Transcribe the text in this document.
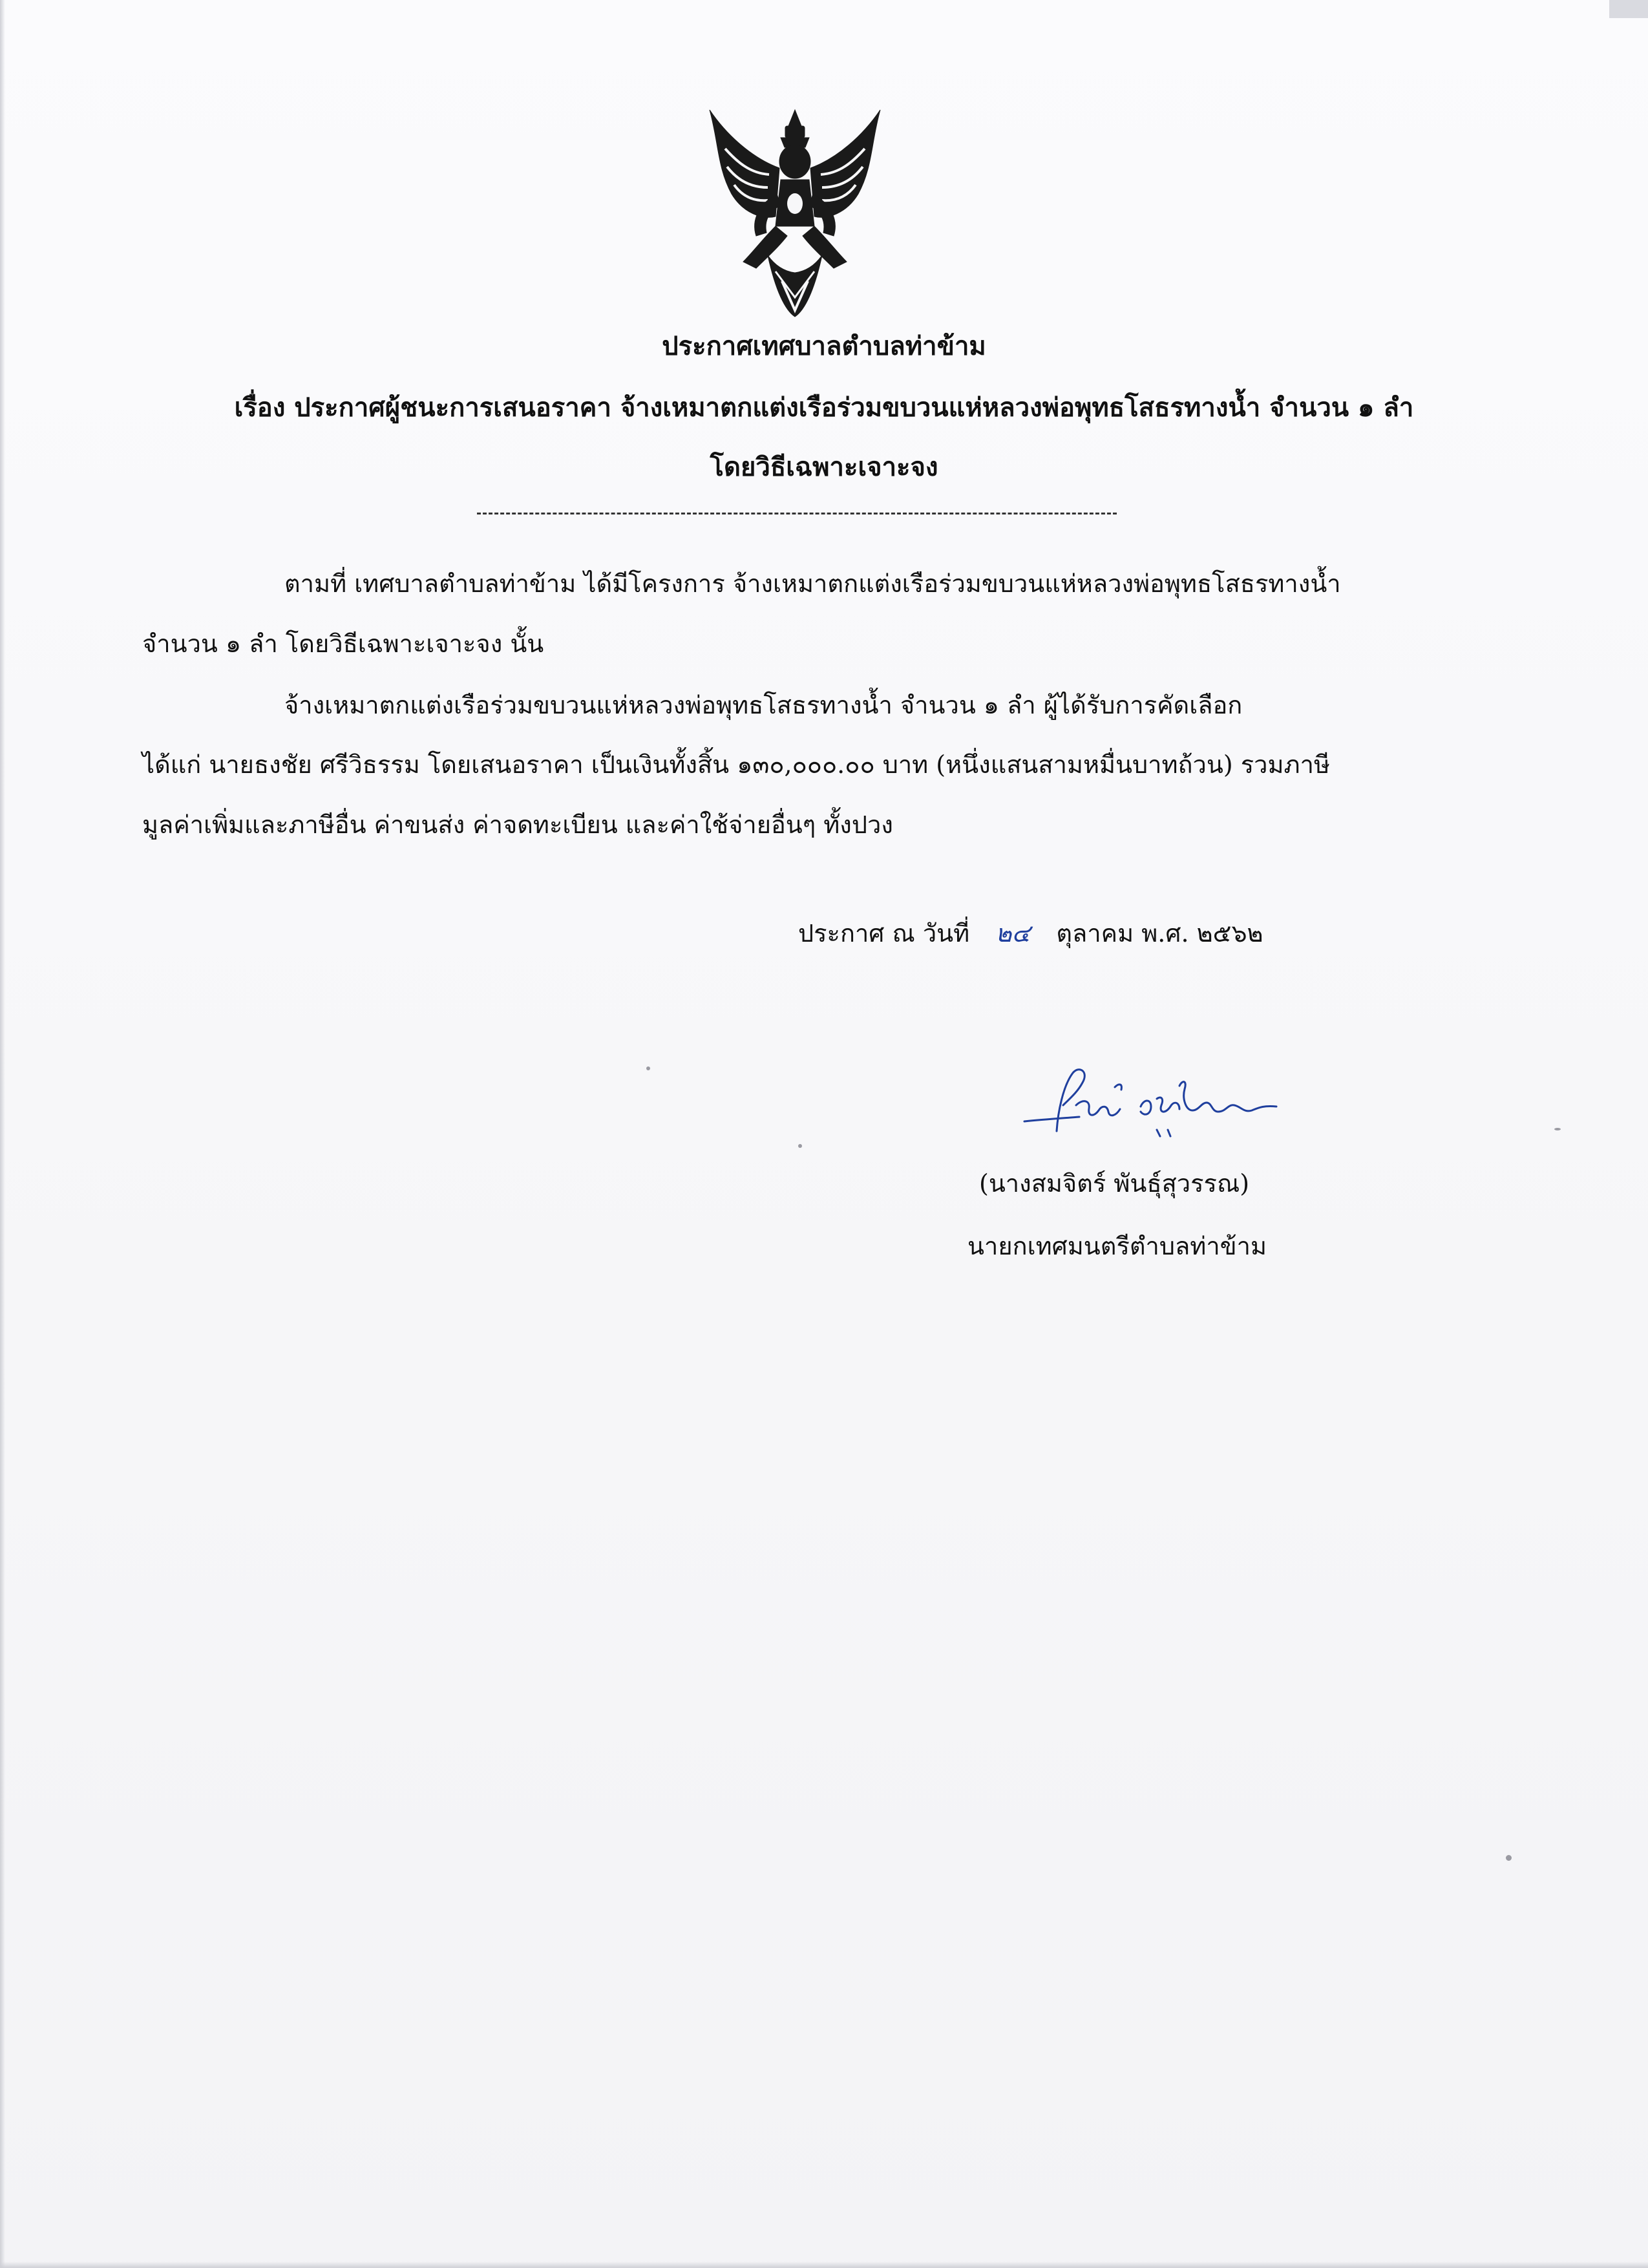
ประกาศเทศบาลตำบลท่าข้าม
เรื่อง ประกาศผู้ชนะการเสนอราคา จ้างเหมาตกแต่งเรือร่วมขบวนแห่หลวงพ่อพุทธโสธรทางน้ำ จำนวน ๑ ลำ
โดยวิธีเฉพาะเจาะจง
ตามที่ เทศบาลตำบลท่าข้าม ได้มีโครงการ จ้างเหมาตกแต่งเรือร่วมขบวนแห่หลวงพ่อพุทธโสธรทางน้ำ
จำนวน ๑ ลำ โดยวิธีเฉพาะเจาะจง นั้น
จ้างเหมาตกแต่งเรือร่วมขบวนแห่หลวงพ่อพุทธโสธรทางน้ำ จำนวน ๑ ลำ ผู้ได้รับการคัดเลือก
ได้แก่ นายธงชัย ศรีวิธรรม โดยเสนอราคา เป็นเงินทั้งสิ้น ๑๓๐,๐๐๐.๐๐ บาท (หนึ่งแสนสามหมื่นบาทถ้วน) รวมภาษี
มูลค่าเพิ่มและภาษีอื่น ค่าขนส่ง ค่าจดทะเบียน และค่าใช้จ่ายอื่นๆ ทั้งปวง
ประกาศ ณ วันที่ ๒๔ ตุลาคม พ.ศ. ๒๕๖๒
(นางสมจิตร์ พันธุ์สุวรรณ)
นายกเทศมนตรีตำบลท่าข้าม
